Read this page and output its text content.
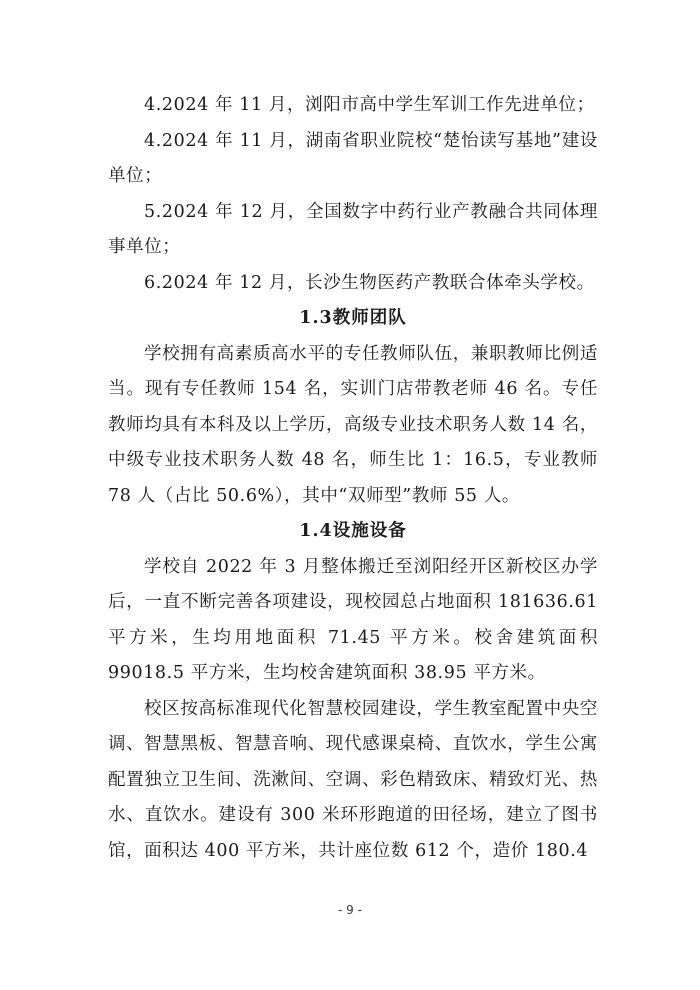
4.2024 年 11 月，浏阳市高中学生军训工作先进单位；

4.2024 年 11 月，湖南省职业院校“楚怡读写基地”建设单位；

5.2024 年 12 月，全国数字中药行业产教融合共同体理事单位；

6.2024 年 12 月，长沙生物医药产教联合体牵头学校。

1.3教师团队

学校拥有高素质高水平的专任教师队伍，兼职教师比例适当。现有专任教师 154 名，实训门店带教老师 46 名。专任教师均具有本科及以上学历，高级专业技术职务人数 14 名，中级专业技术职务人数 48 名，师生比 1：16.5，专业教师 78 人（占比 50.6%），其中“双师型”教师 55 人。

1.4设施设备

学校自 2022 年 3 月整体搬迁至浏阳经开区新校区办学后，一直不断完善各项建设，现校园总占地面积 181636.61 平方米，生均用地面积 71.45 平方米。校舍建筑面积 99018.5 平方米，生均校舍建筑面积 38.95 平方米。

校区按高标准现代化智慧校园建设，学生教室配置中央空调、智慧黑板、智慧音响、现代感课桌椅、直饮水，学生公寓配置独立卫生间、洗漱间、空调、彩色精致床、精致灯光、热水、直饮水。建设有 300 米环形跑道的田径场，建立了图书馆，面积达 400 平方米，共计座位数 612 个，造价 180.4

- 9 -
